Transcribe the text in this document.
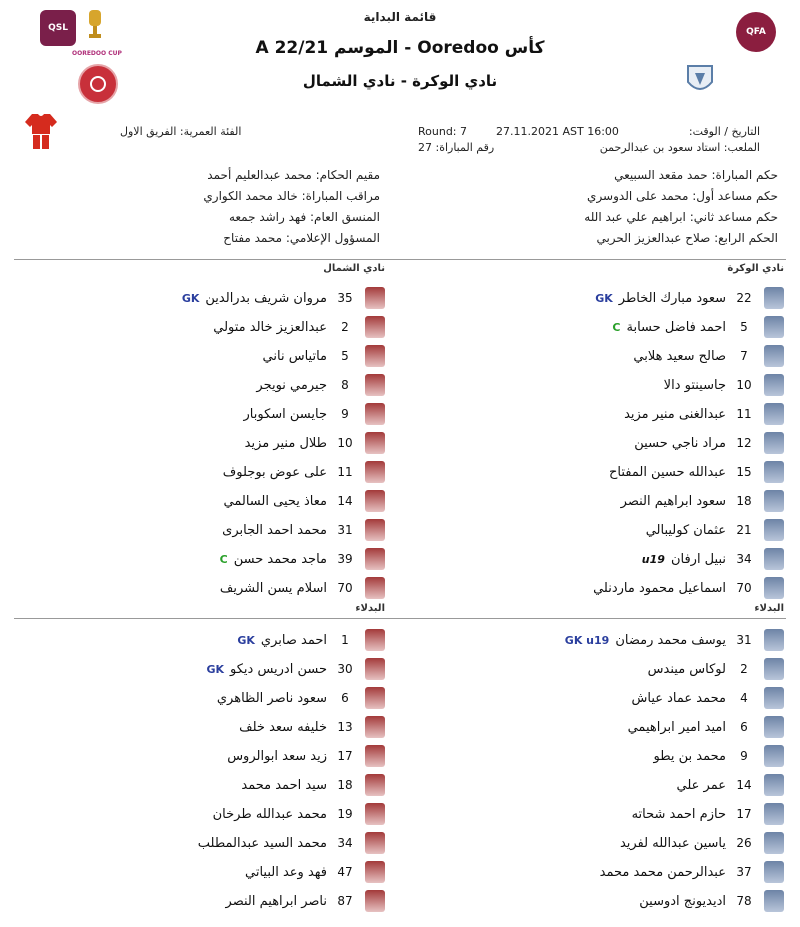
قائمة البداية
كأس Ooredoo - الموسم 22/21 A
نادي الوكرة - نادي الشمال
QSL
OOREDOO CUP
QFA
27.11.2021 AST 16:00	التاريخ / الوقت:
Round: 7
الفئة العمرية: الفريق الاول
الملعب: استاد سعود بن عبدالرحمن
رقم المباراة: 27
حكم المباراة: حمد مقعد السبيعي
حكم مساعد أول: محمد على الدوسري
حكم مساعد ثاني: ابراهيم علي عبد الله
الحكم الرابع: صلاح عبدالعزيز الحربي
مقيم الحكام: محمد عبدالعليم أحمد
مراقب المباراة: خالد محمد الكواري
المنسق العام: فهد راشد جمعه
المسؤول الإعلامي: محمد مفتاح
نادي الوكرة
نادي الشمال
البدلاء
البدلاء
22
سعود مبارك الخاطر
GK
5
احمد فاضل حسابة
C
7
صالح سعيد هلابي
10
جاسينتو دالا
11
عبدالغنى منير مزيد
12
مراد ناجي حسين
15
عبدالله حسين المفتاح
18
سعود ابراهيم النصر
21
عثمان كوليبالي
34
نبيل ارفان
u19
70
اسماعيل محمود ماردنلي
35
مروان شريف بدرالدين
GK
2
عبدالعزيز خالد متولي
5
ماتياس ناني
8
جيرمي نويجر
9
جايسن اسكوبار
10
طلال منير مزيد
11
على عوض بوجلوف
14
معاذ يحيى السالمي
31
محمد احمد الجابرى
39
ماجد محمد حسن
C
70
اسلام يسن الشريف
31
يوسف محمد رمضان
GK u19
2
لوكاس ميندس
4
محمد عماد عياش
6
اميد امير ابراهيمي
9
محمد بن يطو
14
عمر علي
17
حازم احمد شحاته
26
ياسين عبدالله لفريد
37
عبدالرحمن محمد محمد
78
اديديونج ادوسين
1
احمد صابري
GK
30
حسن ادريس ديكو
GK
6
سعود ناصر الظاهري
13
خليفه سعد خلف
17
زيد سعد ابوالروس
18
سيد احمد محمد
19
محمد عبدالله طرخان
34
محمد السيد عبدالمطلب
47
فهد وعد البياتي
87
ناصر ابراهيم النصر
